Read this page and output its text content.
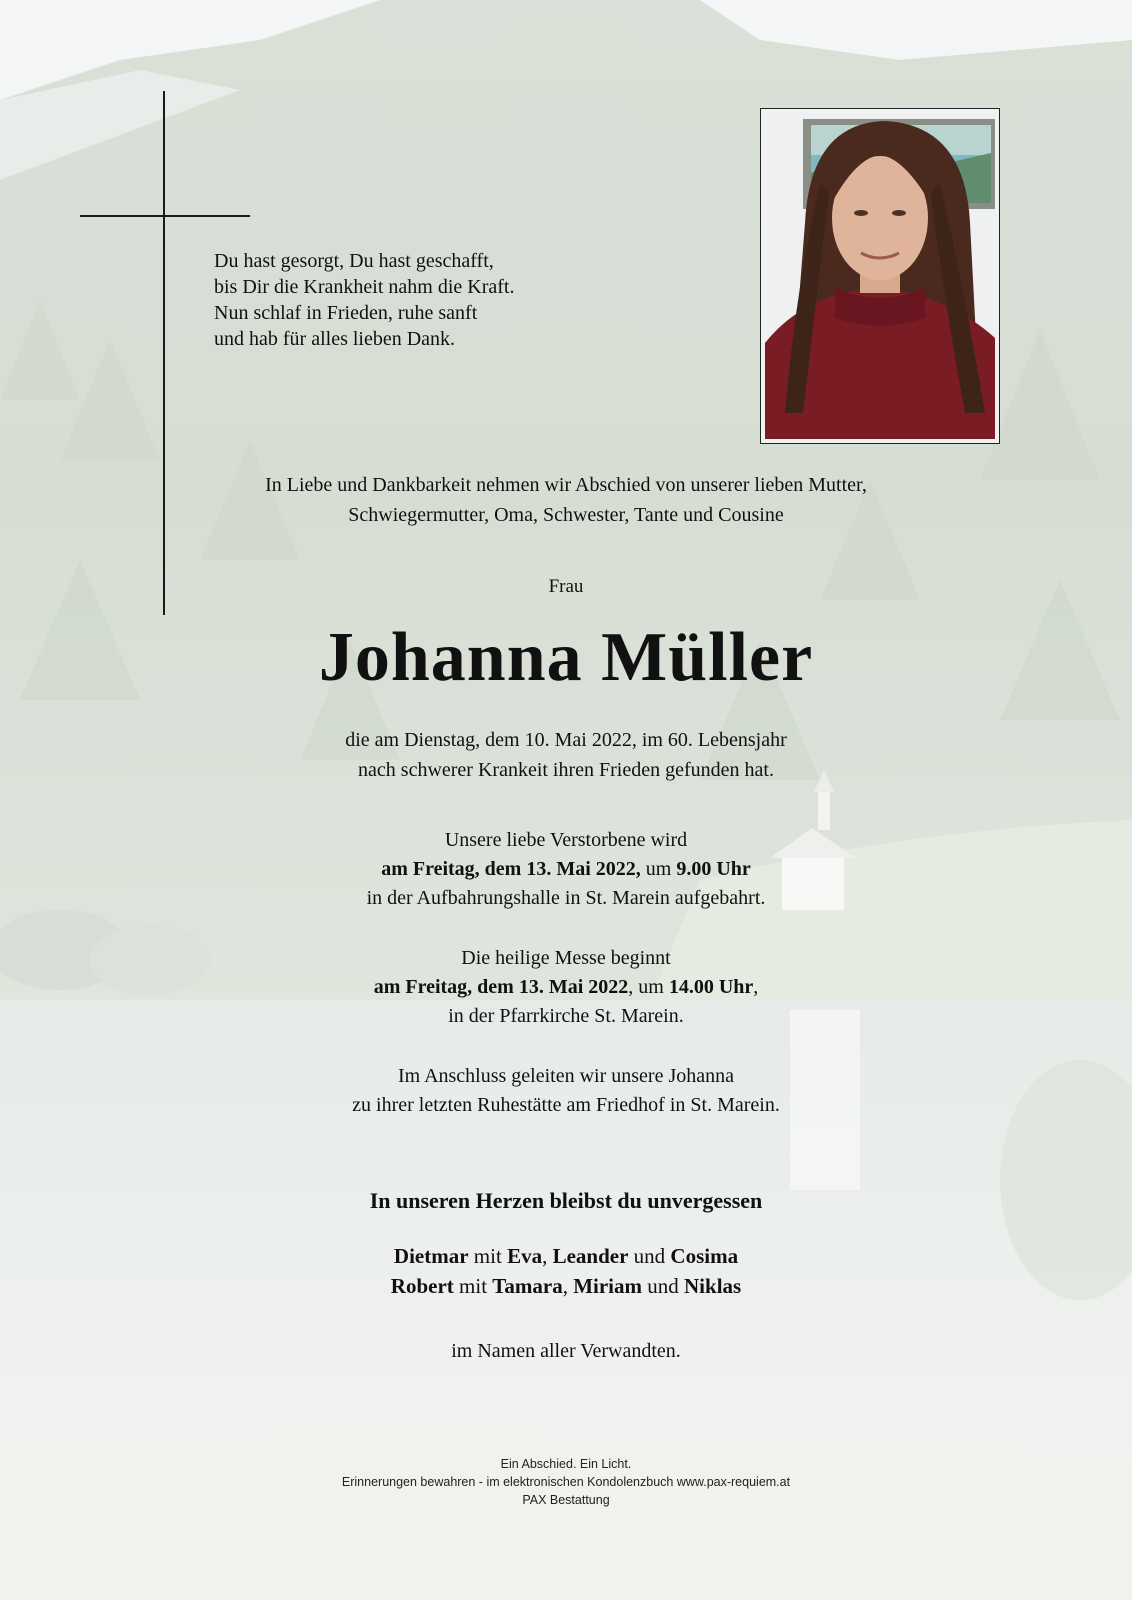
Du hast gesorgt, Du hast geschafft,
bis Dir die Krankheit nahm die Kraft.
Nun schlaf in Frieden, ruhe sanft
und hab für alles lieben Dank.
In Liebe und Dankbarkeit nehmen wir Abschied von unserer lieben Mutter,
Schwiegermutter, Oma, Schwester, Tante und Cousine
Frau
Johanna Müller
die am Dienstag, dem 10. Mai 2022, im 60. Lebensjahr
nach schwerer Krankeit ihren Frieden gefunden hat.
Unsere liebe Verstorbene wird
am Freitag, dem 13. Mai 2022, um 9.00 Uhr
in der Aufbahrungshalle in St. Marein aufgebahrt.
Die heilige Messe beginnt
am Freitag, dem 13. Mai 2022, um 14.00 Uhr,
in der Pfarrkirche St. Marein.
Im Anschluss geleiten wir unsere Johanna
zu ihrer letzten Ruhestätte am Friedhof in St. Marein.
In unseren Herzen bleibst du unvergessen
Dietmar mit Eva, Leander und Cosima
Robert mit Tamara, Miriam und Niklas
im Namen aller Verwandten.
Ein Abschied. Ein Licht.
Erinnerungen bewahren - im elektronischen Kondolenzbuch www.pax-requiem.at
PAX Bestattung
